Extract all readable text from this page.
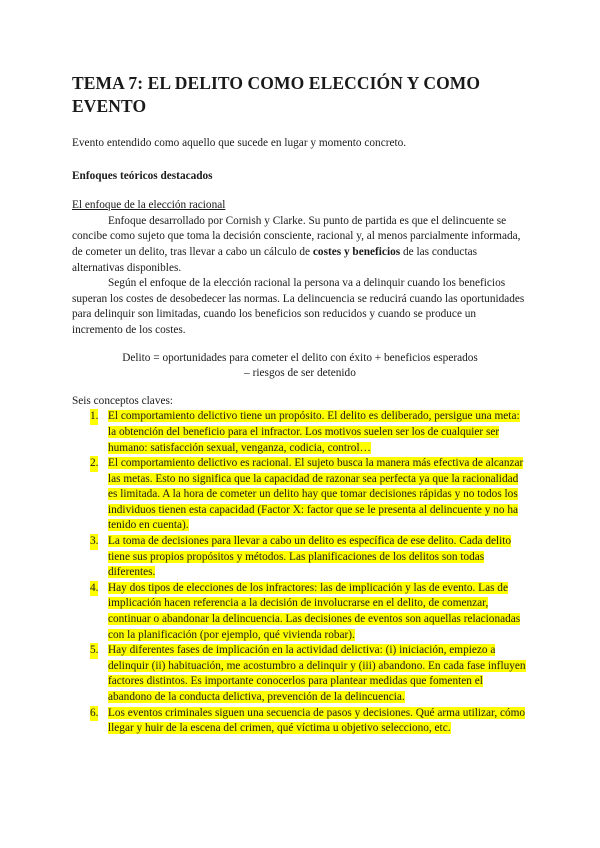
TEMA 7: EL DELITO COMO ELECCIÓN Y COMO EVENTO
Evento entendido como aquello que sucede en lugar y momento concreto.
Enfoques teóricos destacados
El enfoque de la elección racional

Enfoque desarrollado por Cornish y Clarke. Su punto de partida es que el delincuente se concibe como sujeto que toma la decisión consciente, racional y, al menos parcialmente informada, de cometer un delito, tras llevar a cabo un cálculo de costes y beneficios de las conductas alternativas disponibles.

Según el enfoque de la elección racional la persona va a delinquir cuando los beneficios superan los costes de desobedecer las normas. La delincuencia se reducirá cuando las oportunidades para delinquir son limitadas, cuando los beneficios son reducidos y cuando se produce un incremento de los costes.

Delito = oportunidades para cometer el delito con éxito + beneficios esperados
– riesgos de ser detenido
Seis conceptos claves:
1. El comportamiento delictivo tiene un propósito. El delito es deliberado, persigue una meta: la obtención del beneficio para el infractor. Los motivos suelen ser los de cualquier ser humano: satisfacción sexual, venganza, codicia, control…
2. El comportamiento delictivo es racional. El sujeto busca la manera más efectiva de alcanzar las metas. Esto no significa que la capacidad de razonar sea perfecta ya que la racionalidad es limitada. A la hora de cometer un delito hay que tomar decisiones rápidas y no todos los individuos tienen esta capacidad (Factor X: factor que se le presenta al delincuente y no ha tenido en cuenta).
3. La toma de decisiones para llevar a cabo un delito es específica de ese delito. Cada delito tiene sus propios propósitos y métodos. Las planificaciones de los delitos son todas diferentes.
4. Hay dos tipos de elecciones de los infractores: las de implicación y las de evento. Las de implicación hacen referencia a la decisión de involucrarse en el delito, de comenzar, continuar o abandonar la delincuencia. Las decisiones de eventos son aquellas relacionadas con la planificación (por ejemplo, qué vivienda robar).
5. Hay diferentes fases de implicación en la actividad delictiva: (i) iniciación, empiezo a delinquir (ii) habituación, me acostumbro a delinquir y (iii) abandono. En cada fase influyen factores distintos. Es importante conocerlos para plantear medidas que fomenten el abandono de la conducta delictiva, prevención de la delincuencia.
6. Los eventos criminales siguen una secuencia de pasos y decisiones. Qué arma utilizar, cómo llegar y huir de la escena del crimen, qué víctima u objetivo selecciono, etc.
